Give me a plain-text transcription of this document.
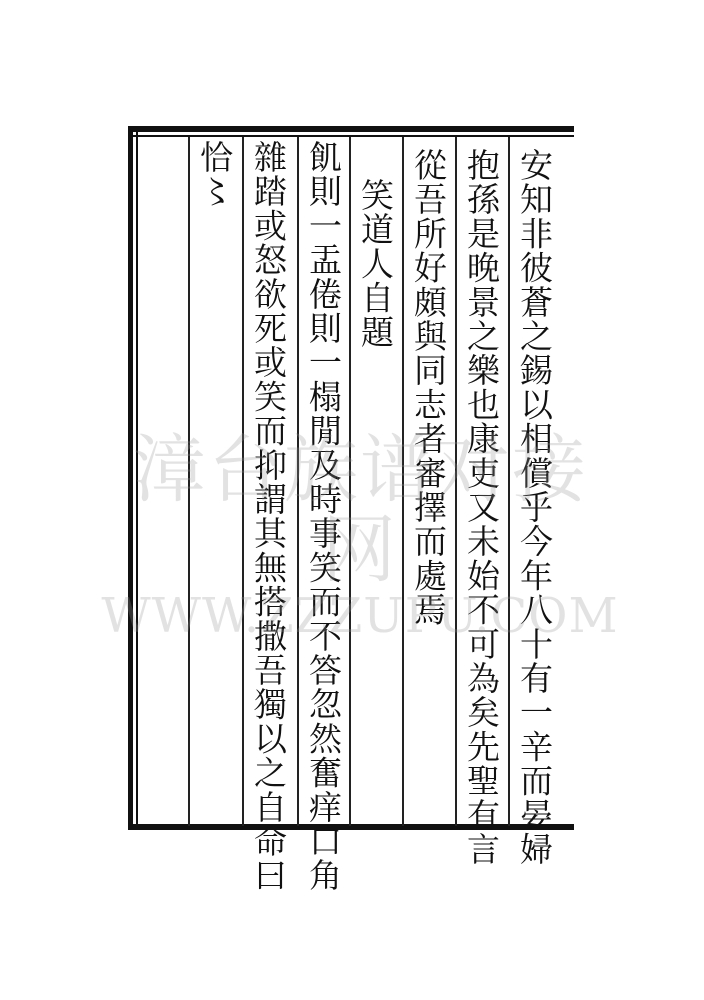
安知非彼蒼之錫以相償乎今年八十有一辛而晏婦
抱孫是晚景之樂也康吏又未始不可為矣先聖有言
從吾所好頗與同志者審擇而處焉
笑道人自題
飢則一盂倦則一榻閒及時事笑而不答忽然奮痒口角
雜踏或怒欲死或笑而抑謂其無搭撒吾獨以之自命曰
恰〻
漳台族谱对接网
WWW.ZZZUPU.COM
